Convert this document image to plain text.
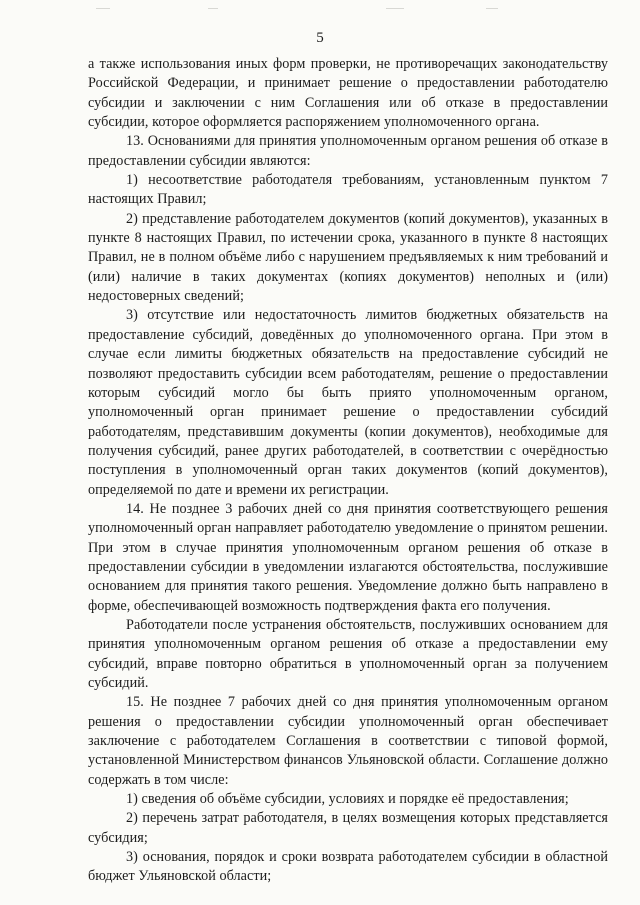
5

а также использования иных форм проверки, не противоречащих законодательству Российской Федерации, и принимает решение о предоставлении работодателю субсидии и заключении с ним Соглашения или об отказе в предоставлении субсидии, которое оформляется распоряжением уполномоченного органа.

13. Основаниями для принятия уполномоченным органом решения об отказе в предоставлении субсидии являются:

1) несоответствие работодателя требованиям, установленным пунктом 7 настоящих Правил;

2) представление работодателем документов (копий документов), указанных в пункте 8 настоящих Правил, по истечении срока, указанного в пункте 8 настоящих Правил, не в полном объёме либо с нарушением предъявляемых к ним требований и (или) наличие в таких документах (копиях документов) неполных и (или) недостоверных сведений;

3) отсутствие или недостаточность лимитов бюджетных обязательств на предоставление субсидий, доведённых до уполномоченного органа. При этом в случае если лимиты бюджетных обязательств на предоставление субсидий не позволяют предоставить субсидии всем работодателям, решение о предоставлении которым субсидий могло бы быть приято уполномоченным органом, уполномоченный орган принимает решение о предоставлении субсидий работодателям, представившим документы (копии документов), необходимые для получения субсидий, ранее других работодателей, в соответствии с очерёдностью поступления в уполномоченный орган таких документов (копий документов), определяемой по дате и времени их регистрации.

14. Не позднее 3 рабочих дней со дня принятия соответствующего решения уполномоченный орган направляет работодателю уведомление о принятом решении. При этом в случае принятия уполномоченным органом решения об отказе в предоставлении субсидии в уведомлении излагаются обстоятельства, послужившие основанием для принятия такого решения. Уведомление должно быть направлено в форме, обеспечивающей возможность подтверждения факта его получения.

Работодатели после устранения обстоятельств, послуживших основанием для принятия уполномоченным органом решения об отказе а предоставлении ему субсидий, вправе повторно обратиться в уполномоченный орган за получением субсидий.

15. Не позднее 7 рабочих дней со дня принятия уполномоченным органом решения о предоставлении субсидии уполномоченный орган обеспечивает заключение с работодателем Соглашения в соответствии с типовой формой, установленной Министерством финансов Ульяновской области. Соглашение должно содержать в том числе:

1) сведения об объёме субсидии, условиях и порядке её предоставления;

2) перечень затрат работодателя, в целях возмещения которых представляется субсидия;

3) основания, порядок и сроки возврата работодателем субсидии в областной бюджет Ульяновской области;
